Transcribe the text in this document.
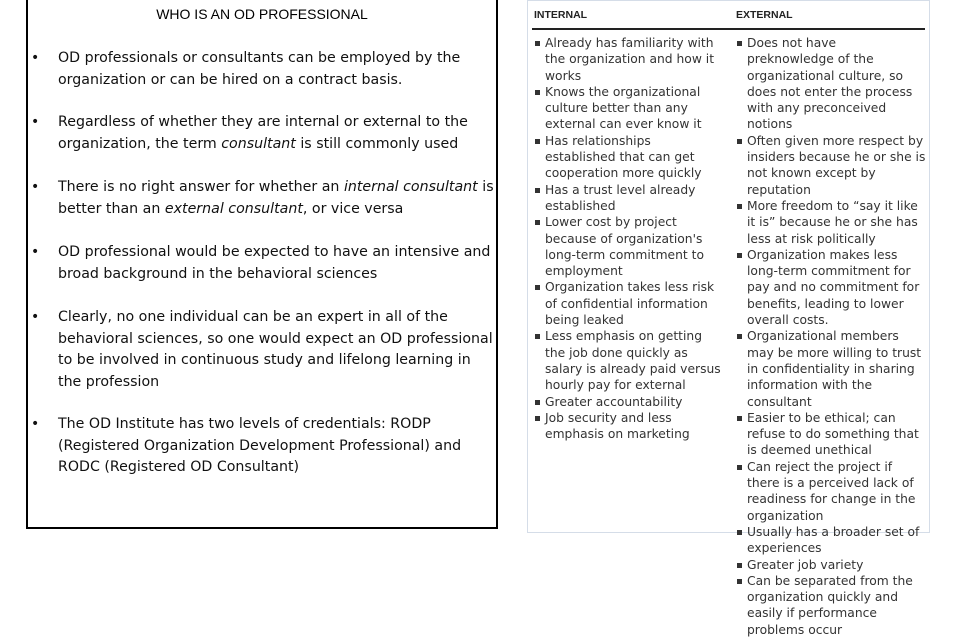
WHO IS AN OD PROFESSIONAL
• OD professionals or consultants can be employed by the organization or can be hired on a contract basis.
• Regardless of whether they are internal or external to the organization, the term consultant is still commonly used
• There is no right answer for whether an internal consultant is better than an external consultant, or vice versa
• OD professional would be expected to have an intensive and broad background in the behavioral sciences
• Clearly, no one individual can be an expert in all of the behavioral sciences, so one would expect an OD professional to be involved in continuous study and lifelong learning in the profession
• The OD Institute has two levels of credentials: RODP (Registered Organization Development Professional) and RODC (Registered OD Consultant)
INTERNAL	EXTERNAL
Already has familiarity with the organization and how it works
Knows the organizational culture better than any external can ever know it
Has relationships established that can get cooperation more quickly
Has a trust level already established
Lower cost by project because of organization's long-term commitment to employment
Organization takes less risk of confidential information being leaked
Less emphasis on getting the job done quickly as salary is already paid versus hourly pay for external
Greater accountability
Job security and less emphasis on marketing
Does not have preknowledge of the organizational culture, so does not enter the process with any preconceived notions
Often given more respect by insiders because he or she is not known except by reputation
More freedom to “say it like it is” because he or she has less at risk politically
Organization makes less long-term commitment for pay and no commitment for benefits, leading to lower overall costs.
Organizational members may be more willing to trust in confidentiality in sharing information with the consultant
Easier to be ethical; can refuse to do something that is deemed unethical
Can reject the project if there is a perceived lack of readiness for change in the organization
Usually has a broader set of experiences
Greater job variety
Can be separated from the organization quickly and easily if performance problems occur
